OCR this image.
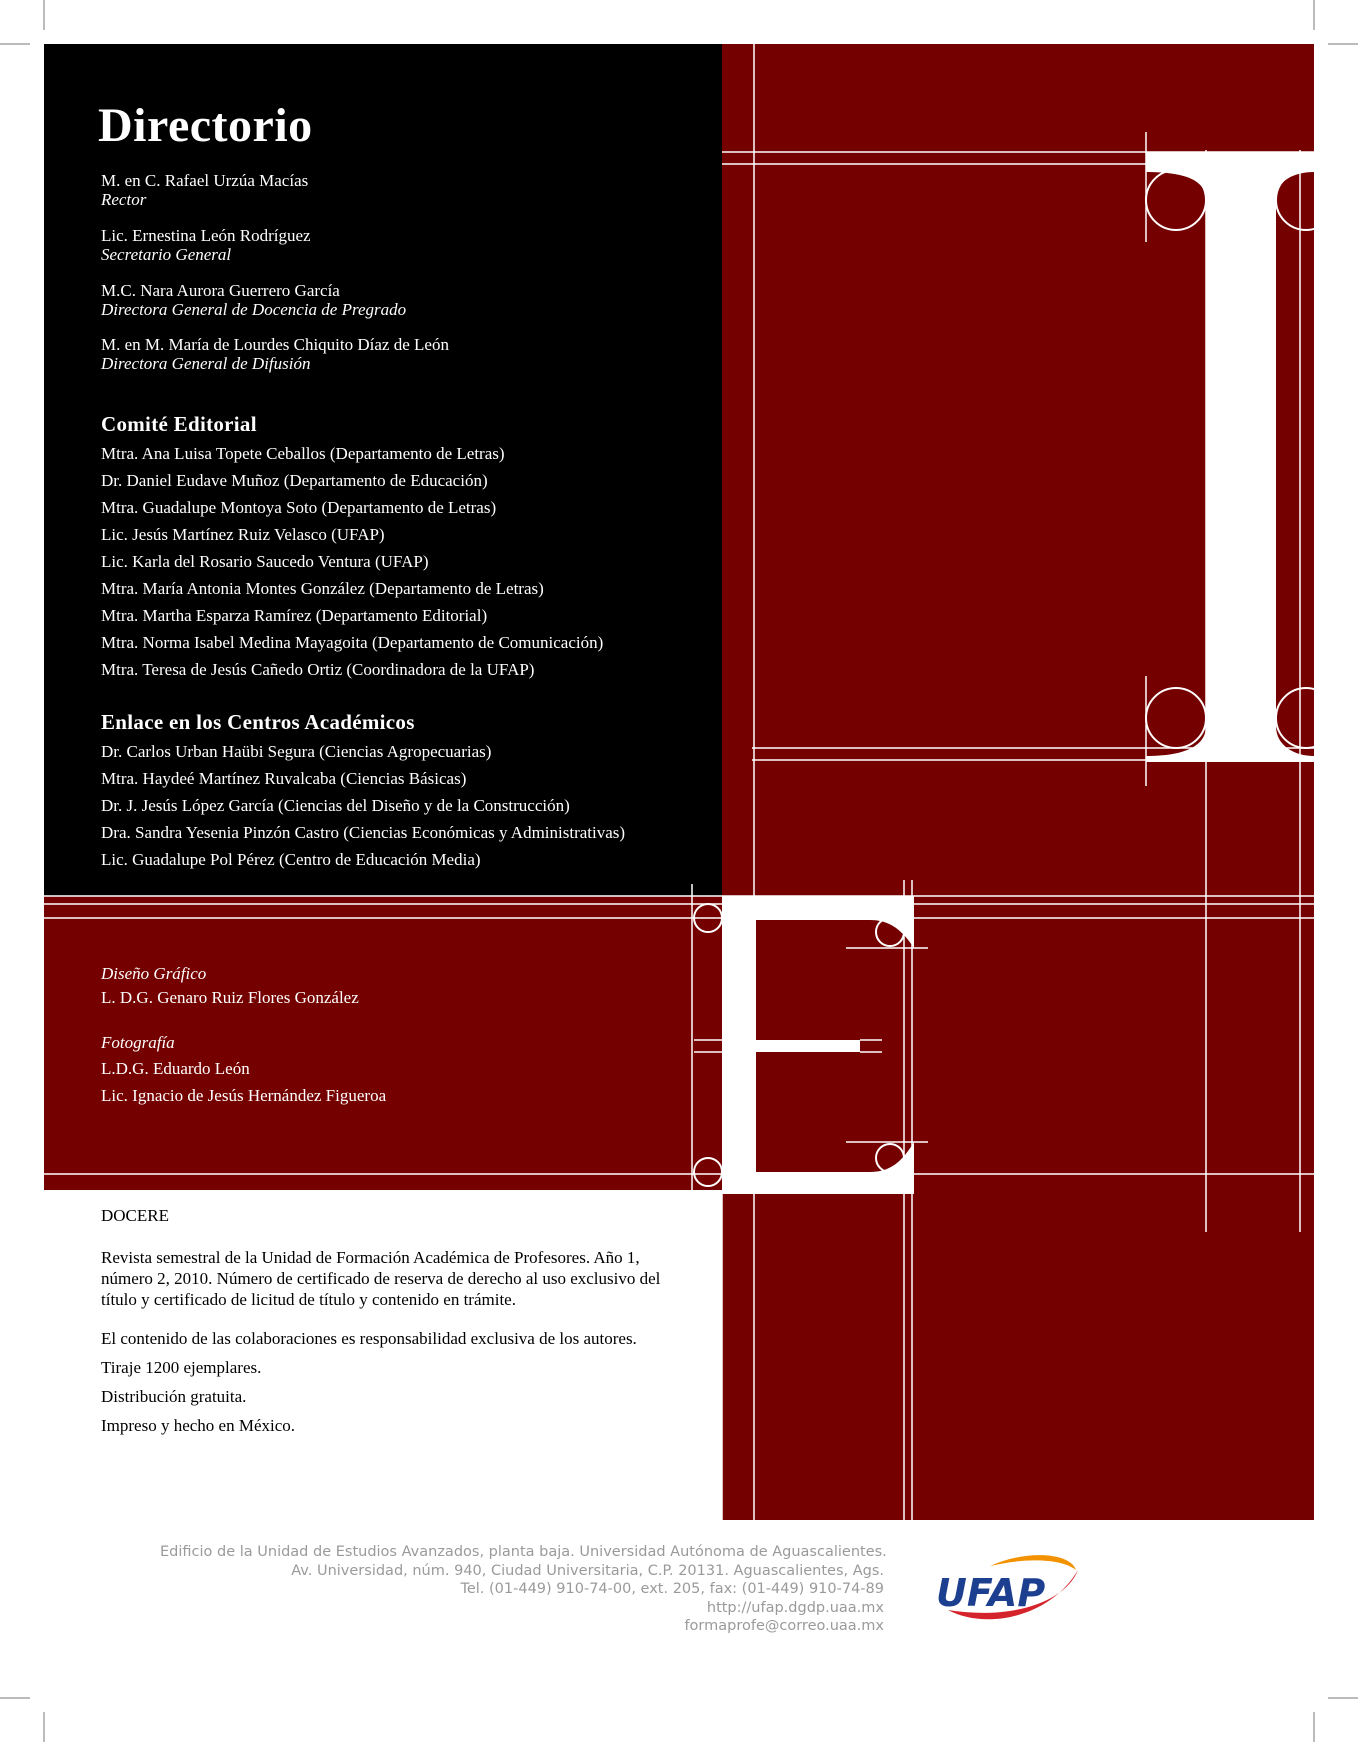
Directorio
M. en C. Rafael Urzúa Macías
Rector
Lic. Ernestina León Rodríguez
Secretario General
M.C. Nara Aurora Guerrero García
Directora General de Docencia de Pregrado
M. en M. María de Lourdes Chiquito Díaz de León
Directora General de Difusión
Comité Editorial
Mtra. Ana Luisa Topete Ceballos (Departamento de Letras)
Dr. Daniel Eudave Muñoz (Departamento de Educación)
Mtra. Guadalupe Montoya Soto (Departamento de Letras)
Lic. Jesús Martínez Ruiz Velasco (UFAP)
Lic. Karla del Rosario Saucedo Ventura (UFAP)
Mtra. María Antonia Montes González (Departamento de Letras)
Mtra. Martha Esparza Ramírez (Departamento Editorial)
Mtra. Norma Isabel Medina Mayagoita (Departamento de Comunicación)
Mtra. Teresa de Jesús Cañedo Ortiz (Coordinadora de la UFAP)
Enlace en los Centros Académicos
Dr. Carlos Urban Haübi Segura (Ciencias Agropecuarias)
Mtra. Haydeé Martínez Ruvalcaba (Ciencias Básicas)
Dr. J. Jesús López García (Ciencias del Diseño y de la Construcción)
Dra. Sandra Yesenia Pinzón Castro (Ciencias Económicas y Administrativas)
Lic. Guadalupe Pol Pérez (Centro de Educación Media)
Diseño Gráfico
L. D.G. Genaro Ruiz Flores González
Fotografía
L.D.G. Eduardo León
Lic. Ignacio de Jesús Hernández Figueroa

DOCERE

Revista semestral de la Unidad de Formación Académica de Profesores. Año 1, número 2, 2010. Número de certificado de reserva de derecho al uso exclusivo del título y certificado de licitud de título y contenido en trámite.

El contenido de las colaboraciones es responsabilidad exclusiva de los autores.

Tiraje 1200 ejemplares.

Distribución gratuita.

Impreso y hecho en México.

Edificio de la Unidad de Estudios Avanzados, planta baja. Universidad Autónoma de Aguascalientes.
Av. Universidad, núm. 940, Ciudad Universitaria, C.P. 20131. Aguascalientes, Ags.
Tel. (01-449) 910-74-00, ext. 205, fax: (01-449) 910-74-89
http://ufap.dgdp.uaa.mx
formaprofe@correo.uaa.mx
UFAP
